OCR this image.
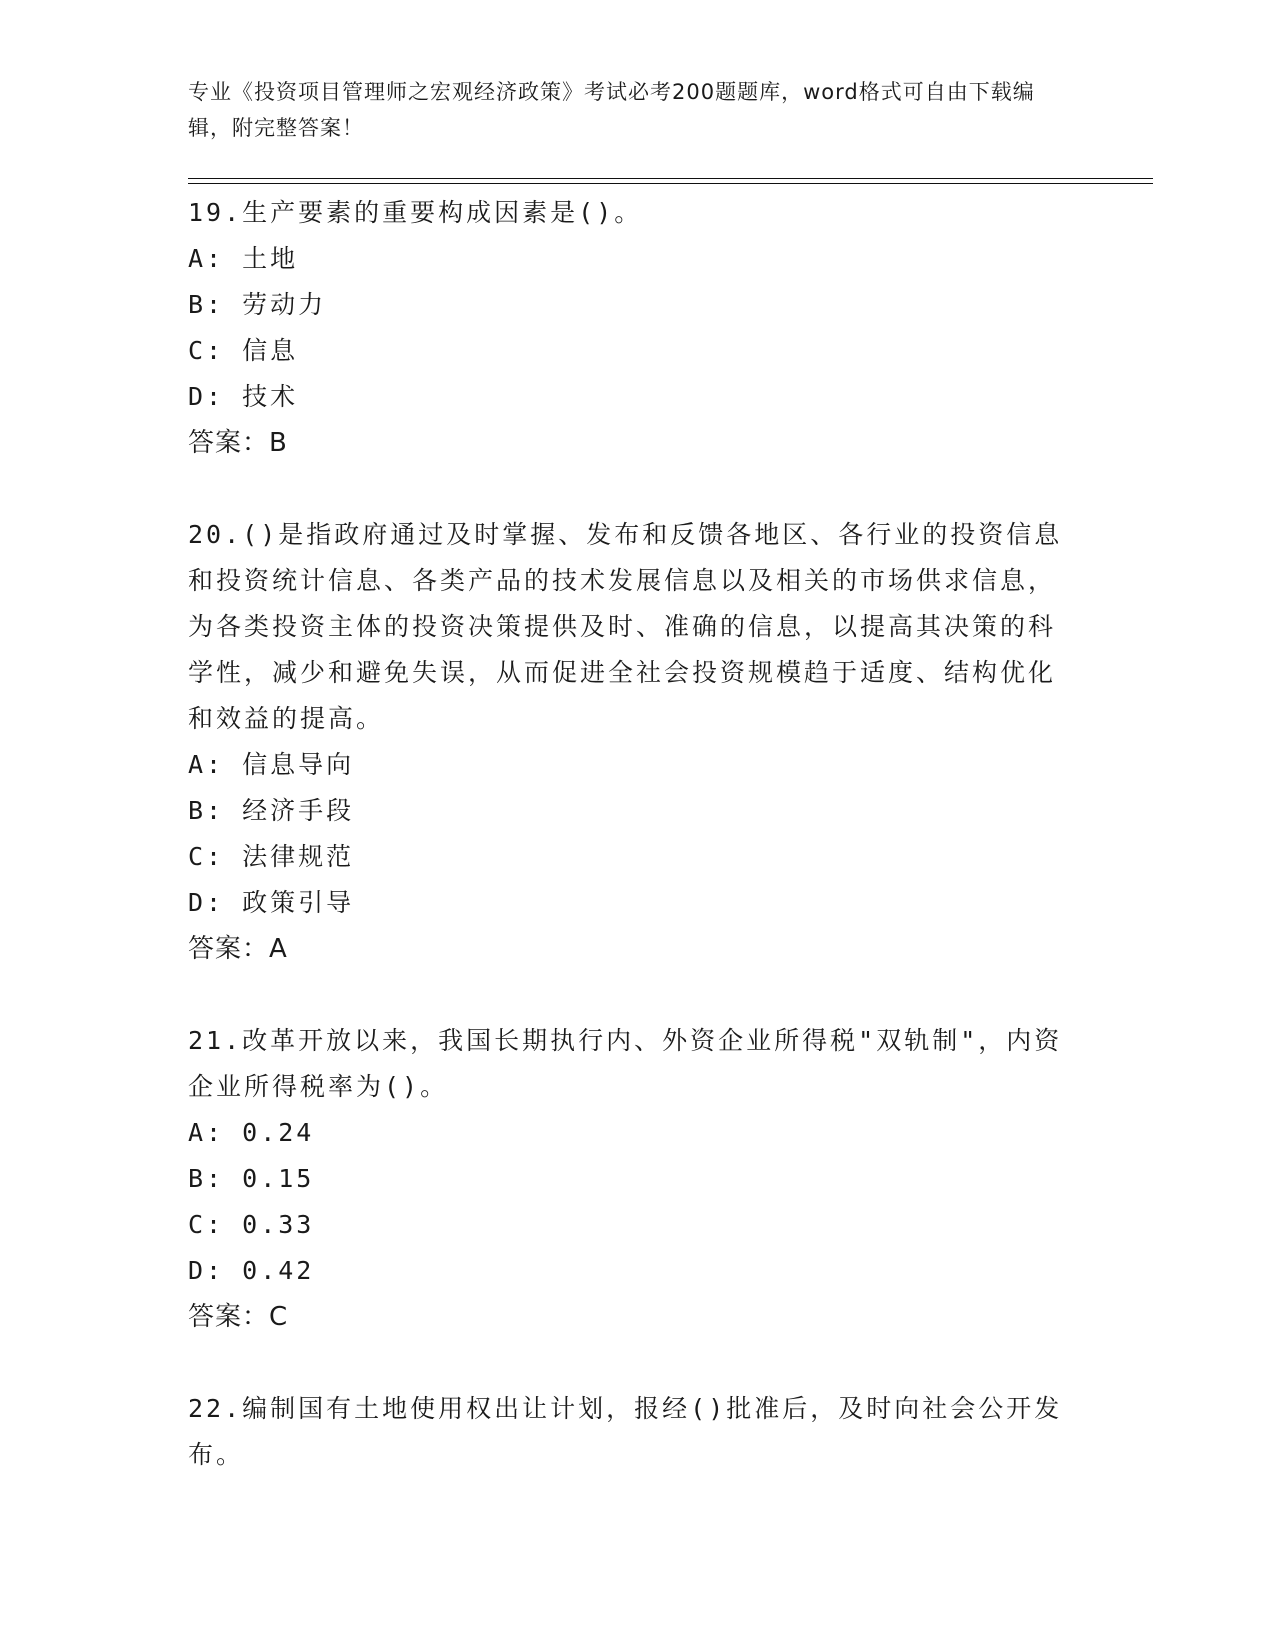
专业《投资项目管理师之宏观经济政策》考试必考200题题库，word格式可自由下载编辑，附完整答案！
19.生产要素的重要构成因素是()。
A: 土地
B: 劳动力
C: 信息
D: 技术
答案：B
20.()是指政府通过及时掌握、发布和反馈各地区、各行业的投资信息和投资统计信息、各类产品的技术发展信息以及相关的市场供求信息，为各类投资主体的投资决策提供及时、准确的信息，以提高其决策的科学性，减少和避免失误，从而促进全社会投资规模趋于适度、结构优化和效益的提高。
A: 信息导向
B: 经济手段
C: 法律规范
D: 政策引导
答案：A
21.改革开放以来，我国长期执行内、外资企业所得税"双轨制"，内资企业所得税率为()。
A: 0.24
B: 0.15
C: 0.33
D: 0.42
答案：C
22.编制国有土地使用权出让计划，报经()批准后，及时向社会公开发布。
